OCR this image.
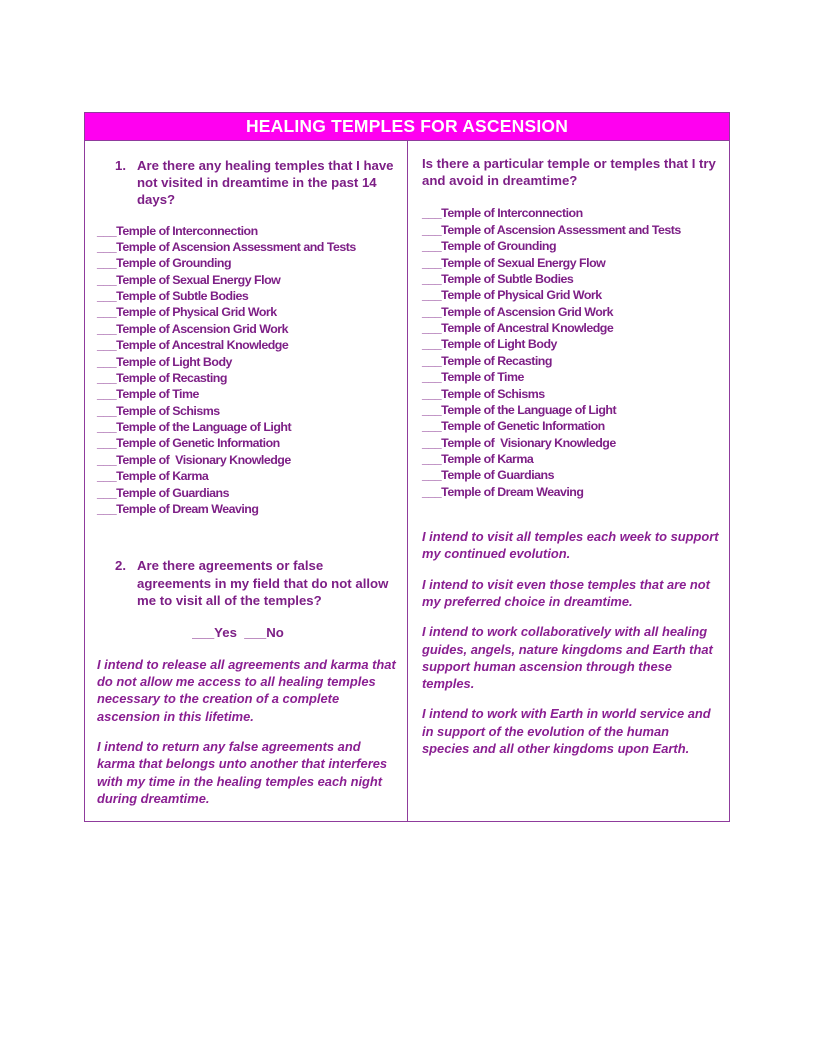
HEALING TEMPLES FOR ASCENSION
1. Are there any healing temples that I have not visited in dreamtime in the past 14 days?
___Temple of Interconnection
___Temple of Ascension Assessment and Tests
___Temple of Grounding
___Temple of Sexual Energy Flow
___Temple of Subtle Bodies
___Temple of Physical Grid Work
___Temple of Ascension Grid Work
___Temple of Ancestral Knowledge
___Temple of Light Body
___Temple of Recasting
___Temple of Time
___Temple of Schisms
___Temple of the Language of Light
___Temple of Genetic Information
___Temple of  Visionary Knowledge
___Temple of Karma
___Temple of Guardians
___Temple of Dream Weaving
2. Are there agreements or false agreements in my field that do not allow me to visit all of the temples?
___Yes  ___No

I intend to release all agreements and karma that do not allow me access to all healing temples necessary to the creation of a complete ascension in this lifetime.

I intend to return any false agreements and karma that belongs unto another that interferes with my time in the healing temples each night during dreamtime.

Is there a particular temple or temples that I try and avoid in dreamtime?
___Temple of Interconnection
___Temple of Ascension Assessment and Tests
___Temple of Grounding
___Temple of Sexual Energy Flow
___Temple of Subtle Bodies
___Temple of Physical Grid Work
___Temple of Ascension Grid Work
___Temple of Ancestral Knowledge
___Temple of Light Body
___Temple of Recasting
___Temple of Time
___Temple of Schisms
___Temple of the Language of Light
___Temple of Genetic Information
___Temple of  Visionary Knowledge
___Temple of Karma
___Temple of Guardians
___Temple of Dream Weaving

I intend to visit all temples each week to support my continued evolution.

I intend to visit even those temples that are not my preferred choice in dreamtime.

I intend to work collaboratively with all healing guides, angels, nature kingdoms and Earth that support human ascension through these temples.

I intend to work with Earth in world service and in support of the evolution of the human species and all other kingdoms upon Earth.
